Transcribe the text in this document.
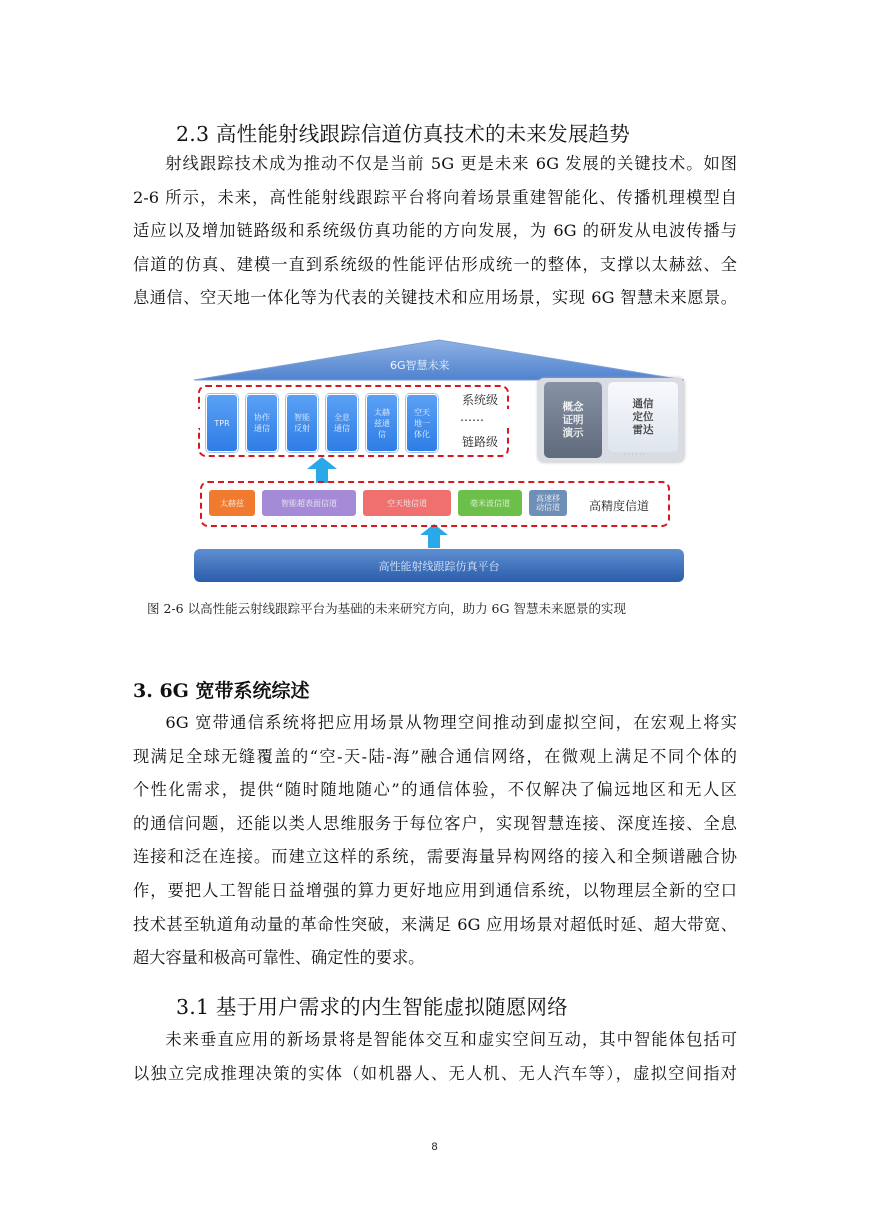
2.3 高性能射线跟踪信道仿真技术的未来发展趋势
射线跟踪技术成为推动不仅是当前 5G 更是未来 6G 发展的关键技术。如图
2-6 所示，未来，高性能射线跟踪平台将向着场景重建智能化、传播机理模型自
适应以及增加链路级和系统级仿真功能的方向发展，为 6G 的研发从电波传播与
信道的仿真、建模一直到系统级的性能评估形成统一的整体，支撑以太赫兹、全
息通信、空天地一体化等为代表的关键技术和应用场景，实现 6G 智慧未来愿景。
6G智慧未来
TPR
协作
通信
智能
反射
全息
通信
太赫
兹通
信
空天
地一
体化
系统级
……
链路级
概念
证明
演示
通信
定位
雷达
· · · · · ·
太赫兹	智能超表面信道	空天地信道	毫米波信道	高速移
动信道	高精度信道
高性能射线跟踪仿真平台
图 2-6 以高性能云射线跟踪平台为基础的未来研究方向，助力 6G 智慧未来愿景的实现
3. 6G 宽带系统综述
6G 宽带通信系统将把应用场景从物理空间推动到虚拟空间，在宏观上将实
现满足全球无缝覆盖的“空-天-陆-海”融合通信网络，在微观上满足不同个体的
个性化需求，提供“随时随地随心”的通信体验，不仅解决了偏远地区和无人区
的通信问题，还能以类人思维服务于每位客户，实现智慧连接、深度连接、全息
连接和泛在连接。而建立这样的系统，需要海量异构网络的接入和全频谱融合协
作，要把人工智能日益增强的算力更好地应用到通信系统，以物理层全新的空口
技术甚至轨道角动量的革命性突破，来满足 6G 应用场景对超低时延、超大带宽、
超大容量和极高可靠性、确定性的要求。
3.1 基于用户需求的内生智能虚拟随愿网络
未来垂直应用的新场景将是智能体交互和虚实空间互动，其中智能体包括可
以独立完成推理决策的实体（如机器人、无人机、无人汽车等），虚拟空间指对
8
